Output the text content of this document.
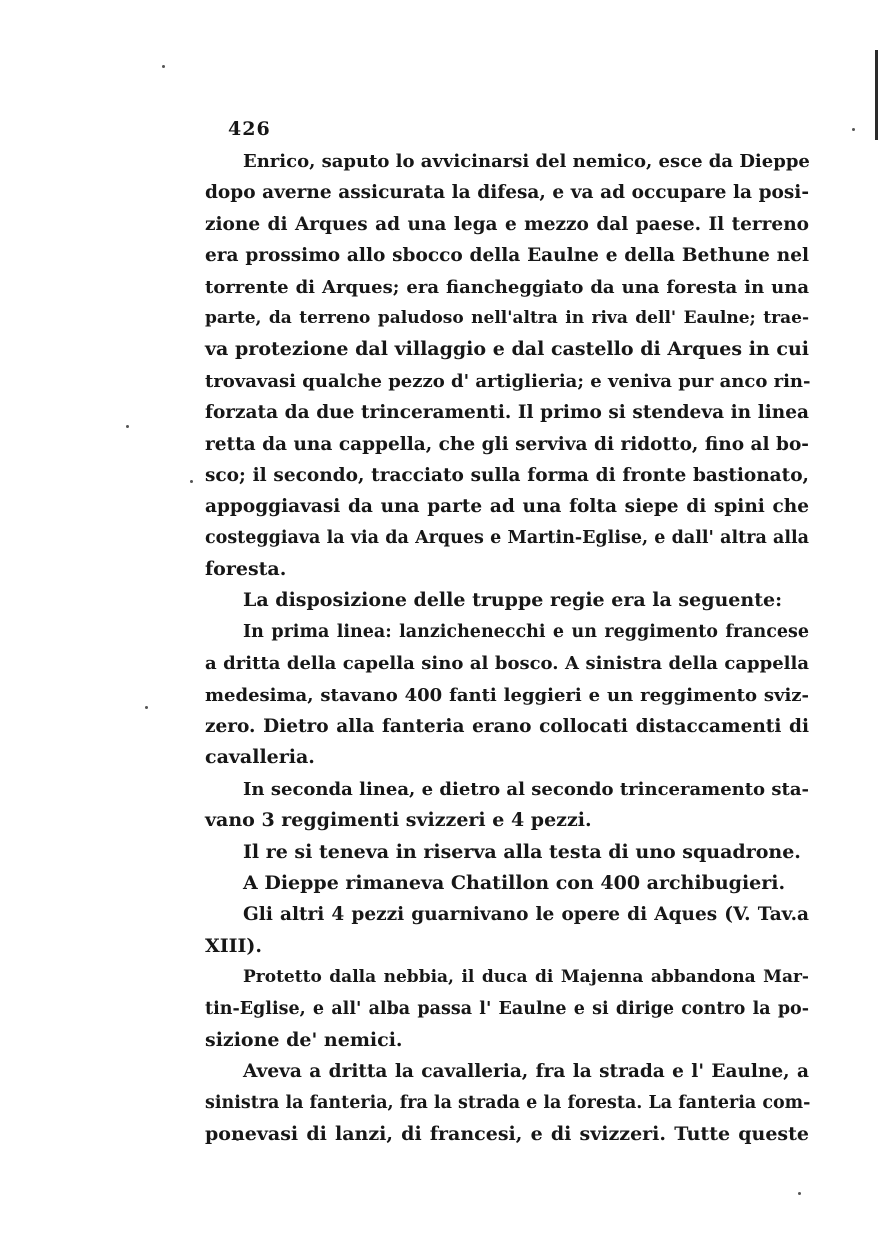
426
Enrico, saputo lo avvicinarsi del nemico, esce da Dieppe
dopo averne assicurata la difesa, e va ad occupare la posi-
zione di Arques ad una lega e mezzo dal paese. Il terreno
era prossimo allo sbocco della Eaulne e della Bethune nel
torrente di Arques; era fiancheggiato da una foresta in una
parte, da terreno paludoso nell'altra in riva dell' Eaulne; trae-
va protezione dal villaggio e dal castello di Arques in cui
trovavasi qualche pezzo d' artiglieria; e veniva pur anco rin-
forzata da due trinceramenti. Il primo si stendeva in linea
retta da una cappella, che gli serviva di ridotto, fino al bo-
sco; il secondo, tracciato sulla forma di fronte bastionato,
appoggiavasi da una parte ad una folta siepe di spini che
costeggiava la via da Arques e Martin-Eglise, e dall' altra alla
foresta.
La disposizione delle truppe regie era la seguente:
In prima linea: lanzichenecchi e un reggimento francese
a dritta della capella sino al bosco. A sinistra della cappella
medesima, stavano 400 fanti leggieri e un reggimento sviz-
zero. Dietro alla fanteria erano collocati distaccamenti di
cavalleria.
In seconda linea, e dietro al secondo trinceramento sta-
vano 3 reggimenti svizzeri e 4 pezzi.
Il re si teneva in riserva alla testa di uno squadrone.
A Dieppe rimaneva Chatillon con 400 archibugieri.
Gli altri 4 pezzi guarnivano le opere di Aques (V. Tav.a
XIII).
Protetto dalla nebbia, il duca di Majenna abbandona Mar-
tin-Eglise, e all' alba passa l' Eaulne e si dirige contro la po-
sizione de' nemici.
Aveva a dritta la cavalleria, fra la strada e l' Eaulne, a
sinistra la fanteria, fra la strada e la foresta. La fanteria com-
ponevasi di lanzi, di francesi, e di svizzeri. Tutte queste
